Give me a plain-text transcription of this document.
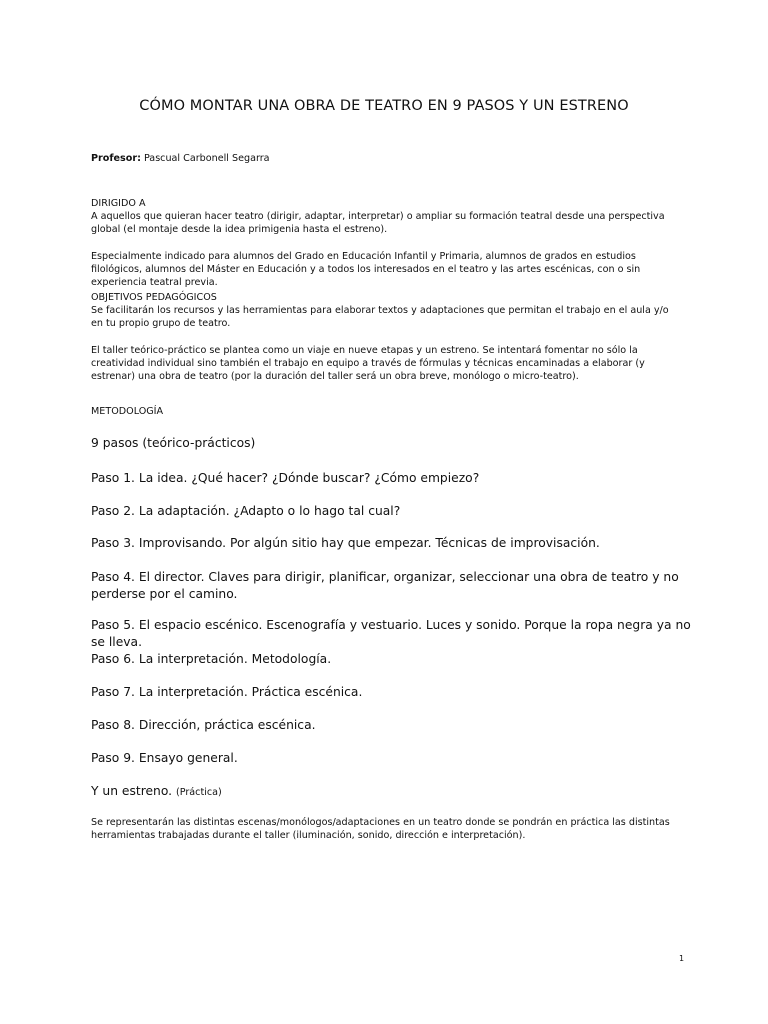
CÓMO MONTAR UNA OBRA DE TEATRO EN 9 PASOS Y UN ESTRENO
Profesor: Pascual Carbonell Segarra
DIRIGIDO A

A aquellos que quieran hacer teatro (dirigir, adaptar, interpretar) o ampliar su formación teatral desde una perspectiva global (el montaje desde la idea primigenia hasta el estreno).

Especialmente indicado para alumnos del Grado en Educación Infantil y Primaria, alumnos de grados en estudios filológicos, alumnos del Máster en Educación y a todos los interesados en el teatro y las artes escénicas, con o sin experiencia teatral previa.

OBJETIVOS PEDAGÓGICOS

Se facilitarán los recursos y las herramientas para elaborar textos y adaptaciones que permitan el trabajo en el aula y/o en tu propio grupo de teatro.

El taller teórico-práctico se plantea como un viaje en nueve etapas y un estreno. Se intentará fomentar no sólo la creatividad individual sino también el trabajo en equipo a través de fórmulas y técnicas encaminadas a elaborar (y estrenar) una obra de teatro (por la duración del taller será un obra breve, monólogo o micro-teatro).

METODOLOGÍA
9 pasos (teórico-prácticos)
Paso 1. La idea. ¿Qué hacer? ¿Dónde buscar? ¿Cómo empiezo?
Paso 2. La adaptación. ¿Adapto o lo hago tal cual?
Paso 3. Improvisando. Por algún sitio hay que empezar. Técnicas de improvisación.
Paso 4. El director. Claves para dirigir, planificar, organizar, seleccionar una obra de teatro y no perderse por el camino.
Paso 5. El espacio escénico. Escenografía y vestuario. Luces y sonido. Porque la ropa negra ya no se lleva.
Paso 6. La interpretación. Metodología.
Paso 7. La interpretación. Práctica escénica.
Paso 8. Dirección, práctica escénica.
Paso 9. Ensayo general.
Y un estreno. (Práctica)

Se representarán las distintas escenas/monólogos/adaptaciones en un teatro donde se pondrán en práctica las distintas herramientas trabajadas durante el taller (iluminación, sonido, dirección e interpretación).

1
